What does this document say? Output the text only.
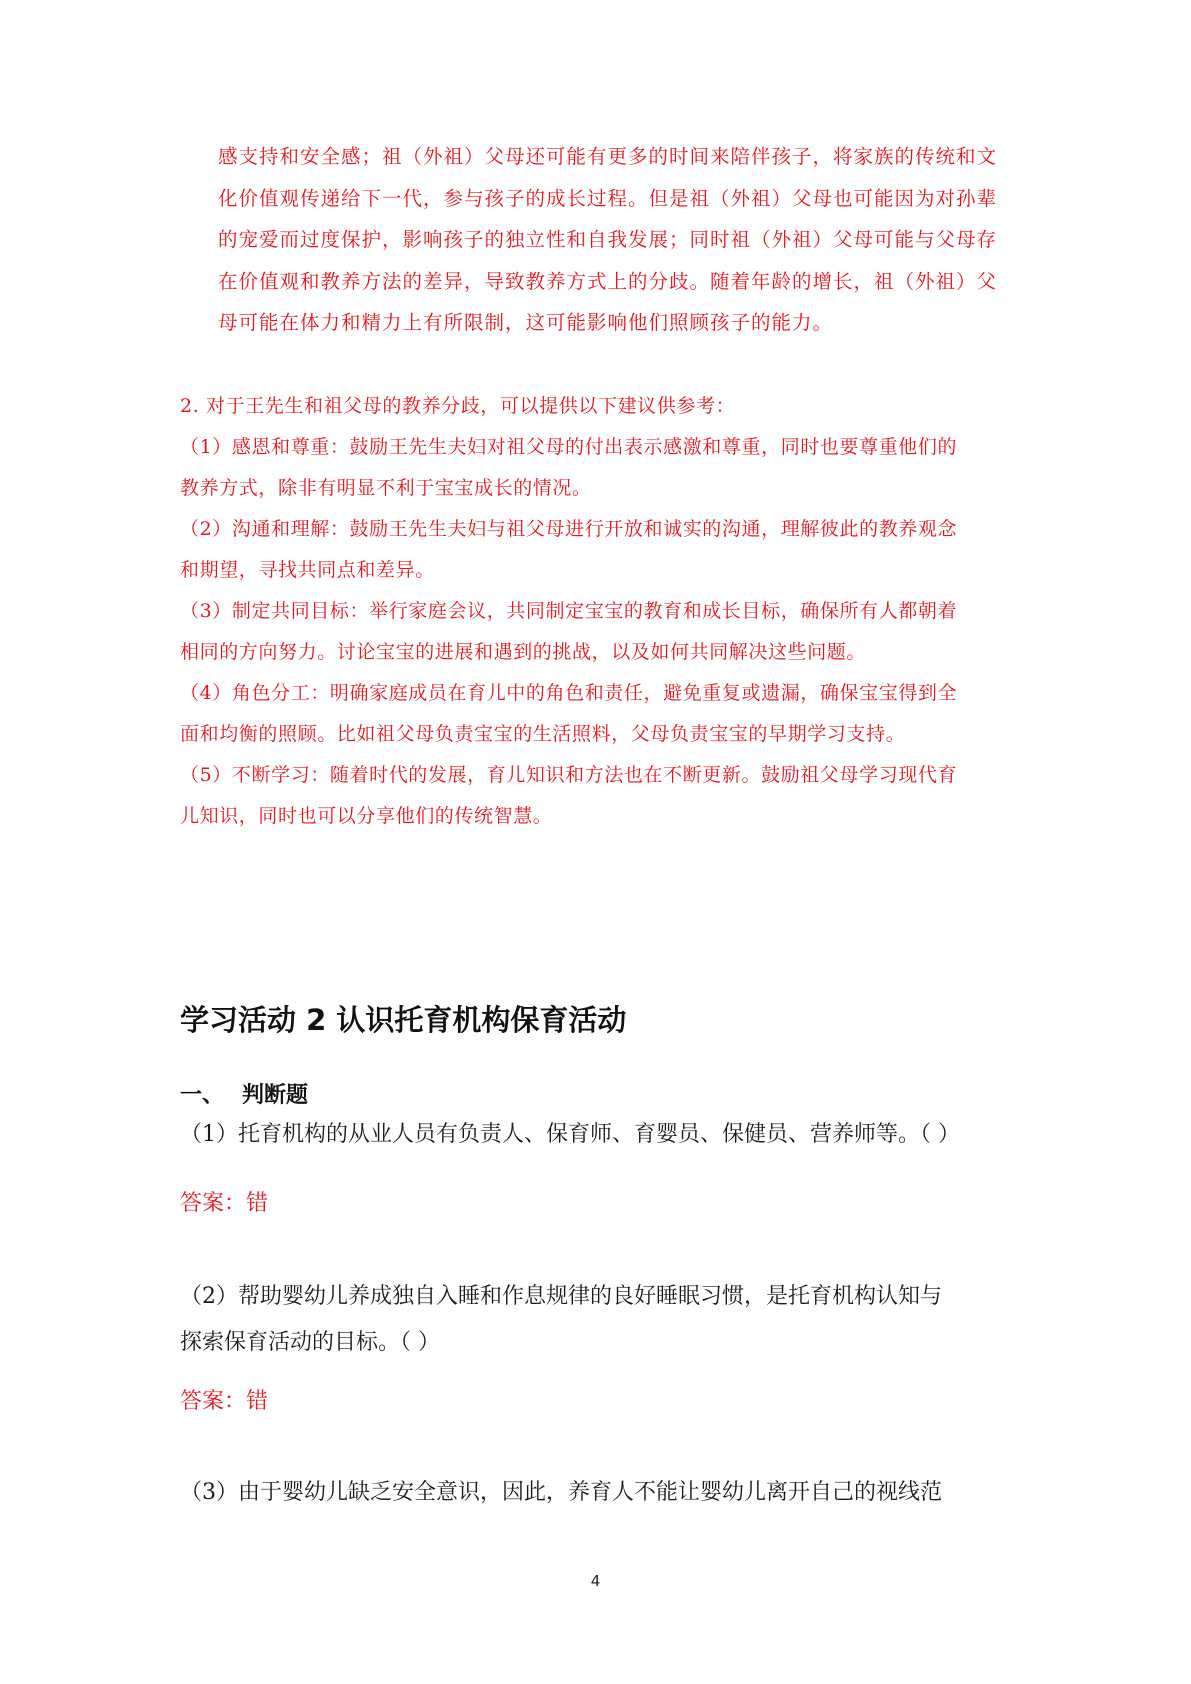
感支持和安全感；祖（外祖）父母还可能有更多的时间来陪伴孩子，将家族的传统和文
化价值观传递给下一代，参与孩子的成长过程。但是祖（外祖）父母也可能因为对孙辈
的宠爱而过度保护，影响孩子的独立性和自我发展；同时祖（外祖）父母可能与父母存
在价值观和教养方法的差异，导致教养方式上的分歧。随着年龄的增长，祖（外祖）父
母可能在体力和精力上有所限制，这可能影响他们照顾孩子的能力。
2. 对于王先生和祖父母的教养分歧，可以提供以下建议供参考：
（1）感恩和尊重：鼓励王先生夫妇对祖父母的付出表示感激和尊重，同时也要尊重他们的
教养方式，除非有明显不利于宝宝成长的情况。
（2）沟通和理解：鼓励王先生夫妇与祖父母进行开放和诚实的沟通，理解彼此的教养观念
和期望，寻找共同点和差异。
（3）制定共同目标：举行家庭会议，共同制定宝宝的教育和成长目标，确保所有人都朝着
相同的方向努力。讨论宝宝的进展和遇到的挑战，以及如何共同解决这些问题。
（4）角色分工：明确家庭成员在育儿中的角色和责任，避免重复或遗漏，确保宝宝得到全
面和均衡的照顾。比如祖父母负责宝宝的生活照料，父母负责宝宝的早期学习支持。
（5）不断学习：随着时代的发展，育儿知识和方法也在不断更新。鼓励祖父母学习现代育
儿知识，同时也可以分享他们的传统智慧。
学习活动 2 认识托育机构保育活动
一、 判断题
（1）托育机构的从业人员有负责人、保育师、育婴员、保健员、营养师等。（ ）
答案：错
（2）帮助婴幼儿养成独自入睡和作息规律的良好睡眠习惯，是托育机构认知与
探索保育活动的目标。（ ）
答案：错
（3）由于婴幼儿缺乏安全意识，因此，养育人不能让婴幼儿离开自己的视线范
4
